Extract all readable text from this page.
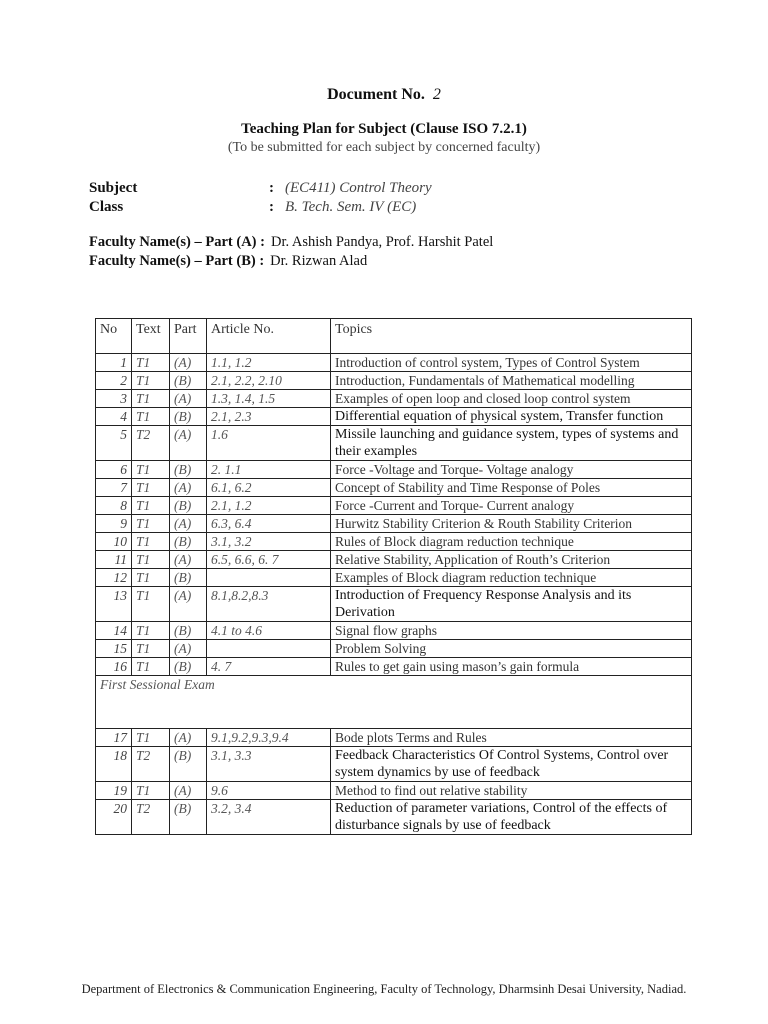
Document No. 2
Teaching Plan for Subject (Clause ISO 7.2.1)
(To be submitted for each subject by concerned faculty)
Subject	: (EC411) Control Theory
Class	: B. Tech. Sem. IV (EC)
Faculty Name(s) – Part (A) : Dr. Ashish Pandya, Prof. Harshit Patel
Faculty Name(s) – Part (B) : Dr. Rizwan Alad
No	Text	Part	Article No.	Topics
1	T1	(A)	1.1, 1.2	Introduction of control system, Types of Control System
2	T1	(B)	2.1, 2.2, 2.10	Introduction, Fundamentals of Mathematical modelling
3	T1	(A)	1.3, 1.4, 1.5	Examples of open loop and closed loop control system
4	T1	(B)	2.1, 2.3	Differential equation of physical system, Transfer function
5	T2	(A)	1.6	Missile launching and guidance system, types of systems and their examples
6	T1	(B)	2. 1.1	Force -Voltage and Torque- Voltage analogy
7	T1	(A)	6.1, 6.2	Concept of Stability and Time Response of Poles
8	T1	(B)	2.1, 1.2	Force -Current and Torque- Current analogy
9	T1	(A)	6.3, 6.4	Hurwitz Stability Criterion & Routh Stability Criterion
10	T1	(B)	3.1, 3.2	Rules of Block diagram reduction technique
11	T1	(A)	6.5, 6.6, 6. 7	Relative Stability, Application of Routh’s Criterion
12	T1	(B)		Examples of Block diagram reduction technique
13	T1	(A)	8.1,8.2,8.3	Introduction of Frequency Response Analysis and its Derivation
14	T1	(B)	4.1 to 4.6	Signal flow graphs
15	T1	(A)		Problem Solving
16	T1	(B)	4. 7	Rules to get gain using mason’s gain formula
First Sessional Exam				
17	T1	(A)	9.1,9.2,9.3,9.4	Bode plots Terms and Rules
18	T2	(B)	3.1, 3.3	Feedback Characteristics Of Control Systems, Control over system dynamics by use of feedback
19	T1	(A)	9.6	Method to find out relative stability
20	T2	(B)	3.2, 3.4	Reduction of parameter variations, Control of the effects of disturbance signals by use of feedback
Department of Electronics & Communication Engineering, Faculty of Technology, Dharmsinh Desai University, Nadiad.
